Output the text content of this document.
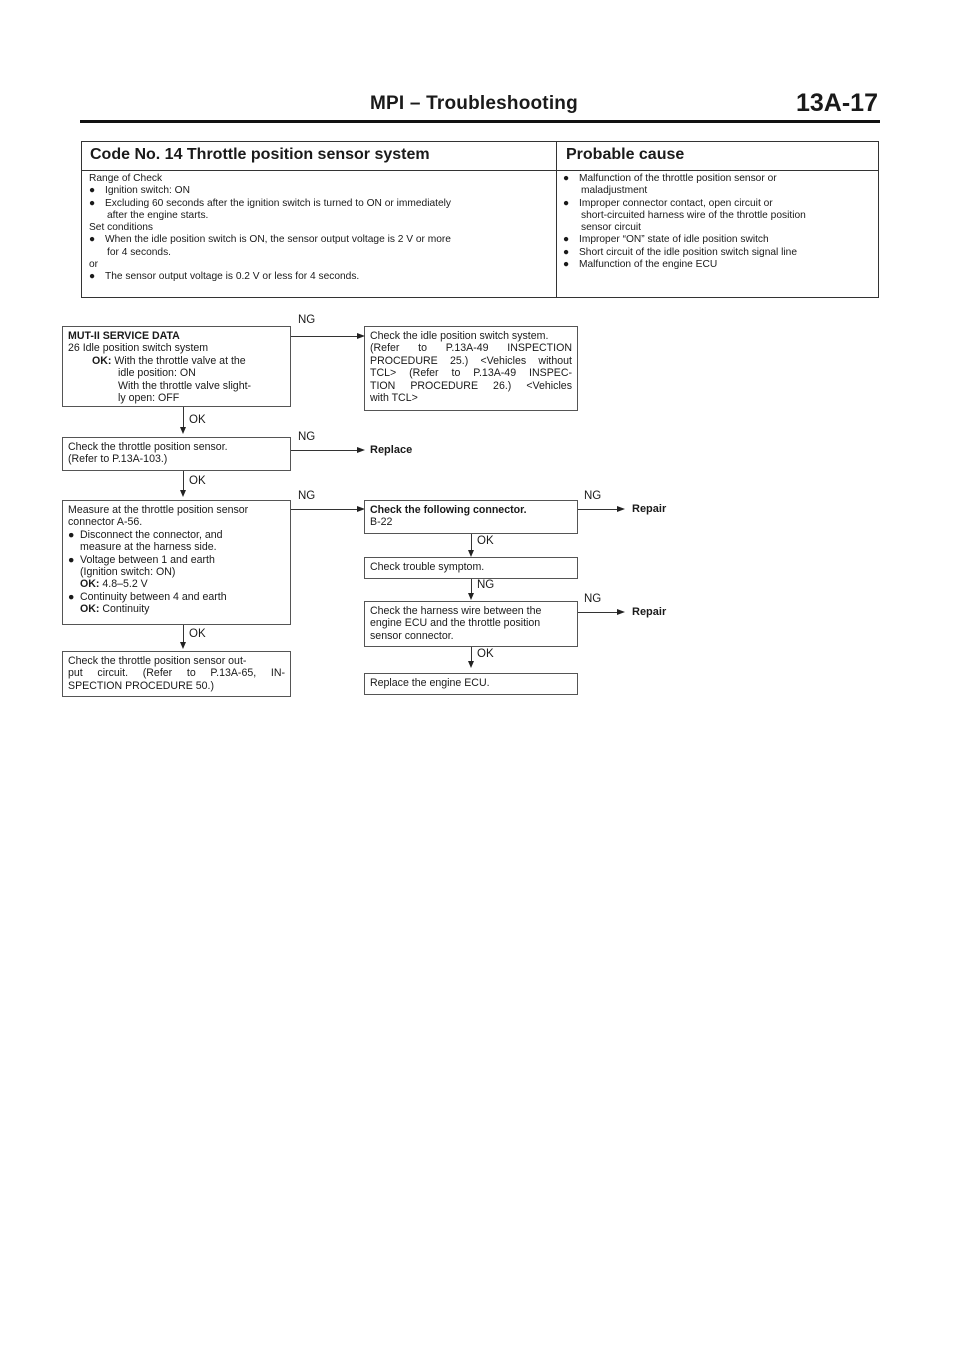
MPI – Troubleshooting	13A-17
Code No. 14 Throttle position sensor system	Probable cause
Range of Check
● Ignition switch: ON
● Excluding 60 seconds after the ignition switch is turned to ON or immediately
after the engine starts.
Set conditions
● When the idle position switch is ON, the sensor output voltage is 2 V or more
for 4 seconds.
or
● The sensor output voltage is 0.2 V or less for 4 seconds.
● Malfunction of the throttle position sensor or
maladjustment
● Improper connector contact, open circuit or
short-circuited harness wire of the throttle position
sensor circuit
● Improper “ON” state of idle position switch
● Short circuit of the idle position switch signal line
● Malfunction of the engine ECU
MUT-II SERVICE DATA
26 Idle position switch system
OK: With the throttle valve at the
idle position: ON
With the throttle valve slight-
ly open: OFF
Check the idle position switch system.
(Refer to P.13A-49 INSPECTION
PROCEDURE 25.) <Vehicles without
TCL> (Refer to P.13A-49 INSPEC-
TION PROCEDURE 26.) <Vehicles
with TCL>
NG
OK
Check the throttle position sensor.
(Refer to P.13A-103.)
NG
Replace
OK
Measure at the throttle position sensor
connector A-56.
● Disconnect the connector, and
measure at the harness side.
● Voltage between 1 and earth
(Ignition switch: ON)
OK: 4.8–5.2 V
● Continuity between 4 and earth
OK: Continuity
NG
Check the following connector.
B-22
NG
Repair
OK
Check trouble symptom.
NG
Check the harness wire between the
engine ECU and the throttle position
sensor connector.
NG
Repair
OK
Check the throttle position sensor out-
put circuit. (Refer to P.13A-65, IN-
SPECTION PROCEDURE 50.)
OK
Replace the engine ECU.
